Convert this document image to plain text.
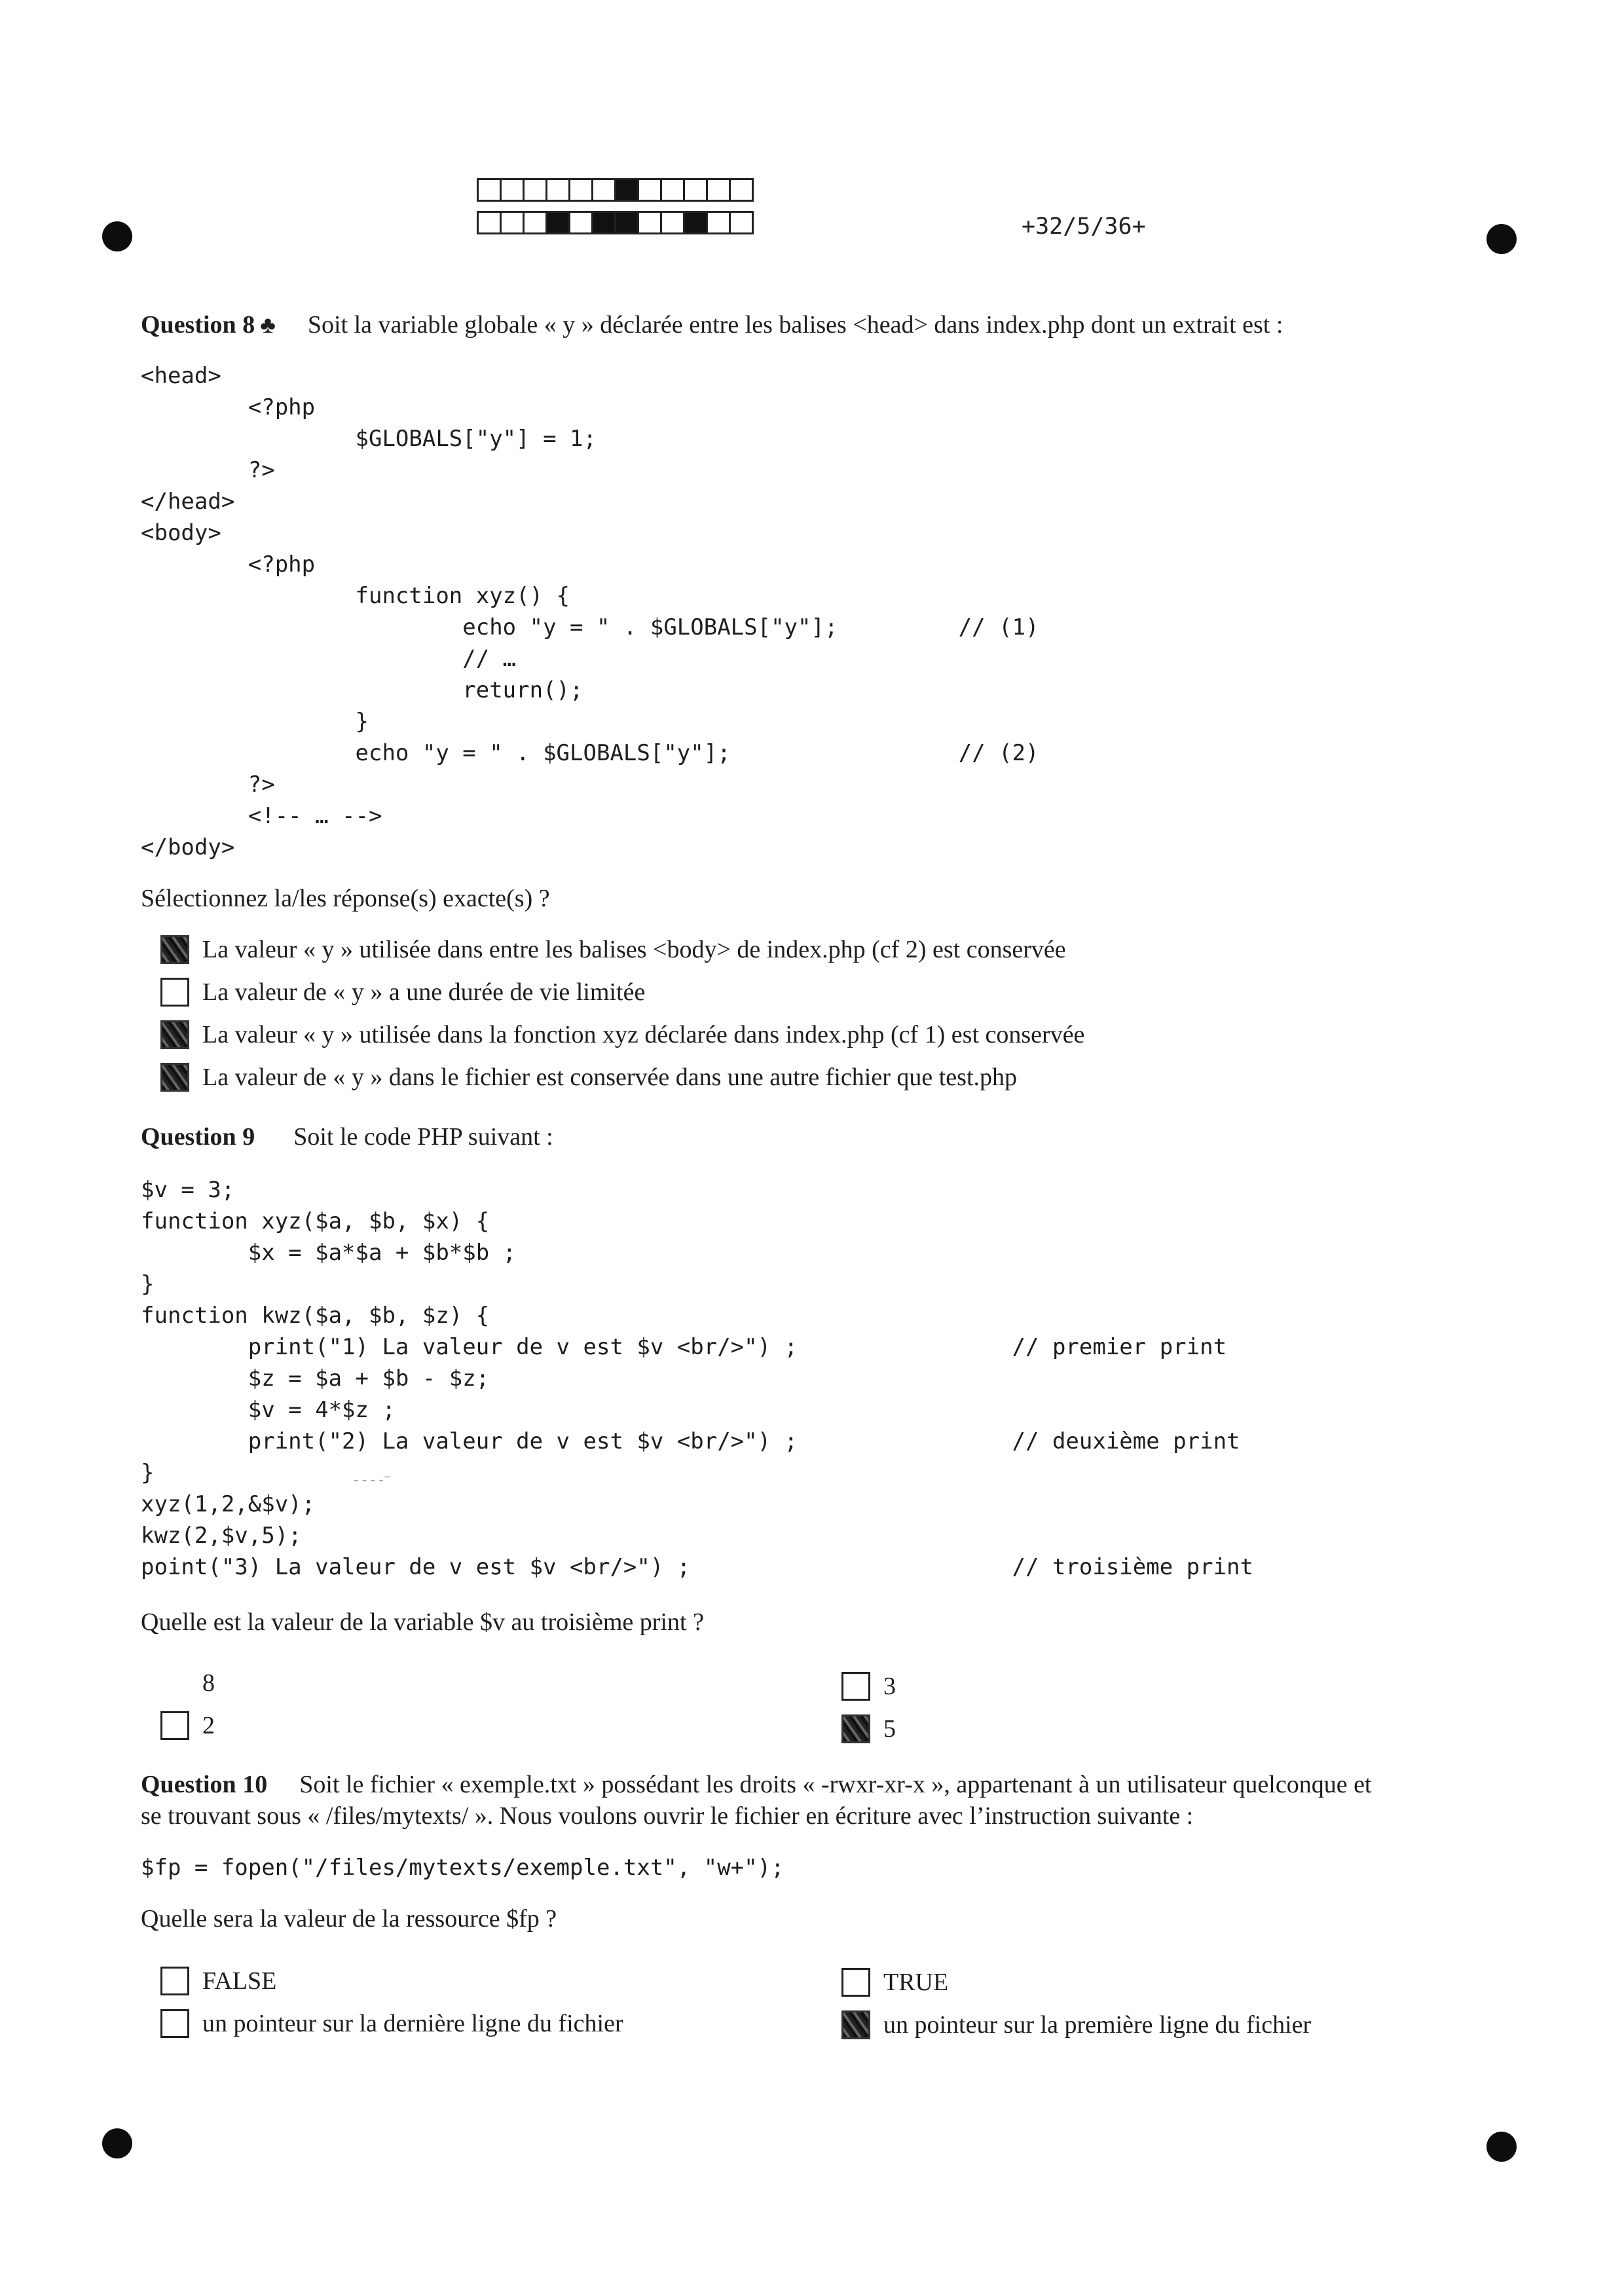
+32/5/36+
Question 8 ♣ Soit la variable globale « y » déclarée entre les balises <head> dans index.php dont un extrait est :
<head>
<?php
$GLOBALS["y"] = 1;
?>
</head>
<body>
<?php
function xyz() {
echo "y = " . $GLOBALS["y"];         // (1)
// …
return();
}
echo "y = " . $GLOBALS["y"];                 // (2)
?>
<!-- … -->
</body>
Sélectionnez la/les réponse(s) exacte(s) ?
La valeur « y » utilisée dans entre les balises <body> de index.php (cf 2) est conservée
La valeur de « y » a une durée de vie limitée
La valeur « y » utilisée dans la fonction xyz déclarée dans index.php (cf 1) est conservée
La valeur de « y » dans le fichier est conservée dans une autre fichier que test.php
Question 9 Soit le code PHP suivant :
$v = 3;
function xyz($a, $b, $x) {
$x = $a*$a + $b*$b ;
}
function kwz($a, $b, $z) {
print("1) La valeur de v est $v <br/>") ;                // premier print
$z = $a + $b - $z;
$v = 4*$z ;
print("2) La valeur de v est $v <br/>") ;                // deuxième print
}
xyz(1,2,&$v);
kwz(2,$v,5);
point("3) La valeur de v est $v <br/>") ;                        // troisième print
- - - -⁻
Quelle est la valeur de la variable $v au troisième print ?
8	3
2	5
Question 10 Soit le fichier « exemple.txt » possédant les droits « -rwxr-xr-x », appartenant à un utilisateur quelconque et
se trouvant sous « /files/mytexts/ ». Nous voulons ouvrir le fichier en écriture avec l’instruction suivante :
$fp = fopen("/files/mytexts/exemple.txt", "w+");
Quelle sera la valeur de la ressource $fp ?
FALSE	TRUE
un pointeur sur la dernière ligne du fichier	un pointeur sur la première ligne du fichier
